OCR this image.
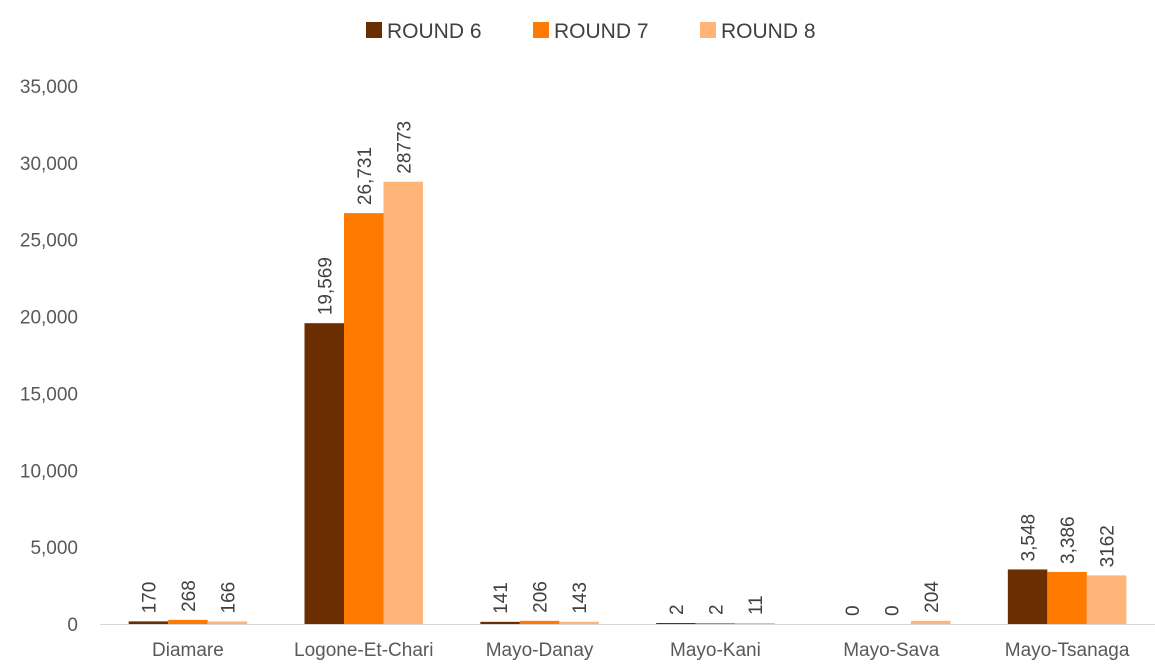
ROUND 6	ROUND 7	ROUND 8
0
5,000
10,000
15,000
20,000
25,000
30,000
35,000
170 268 166
19,569
26,731 28773
141 206 143	2 2 11	0 0 204
3,548 3,386 3162
Diamare	Logone-Et-Chari	Mayo-Danay	Mayo-Kani	Mayo-Sava	Mayo-Tsanaga
